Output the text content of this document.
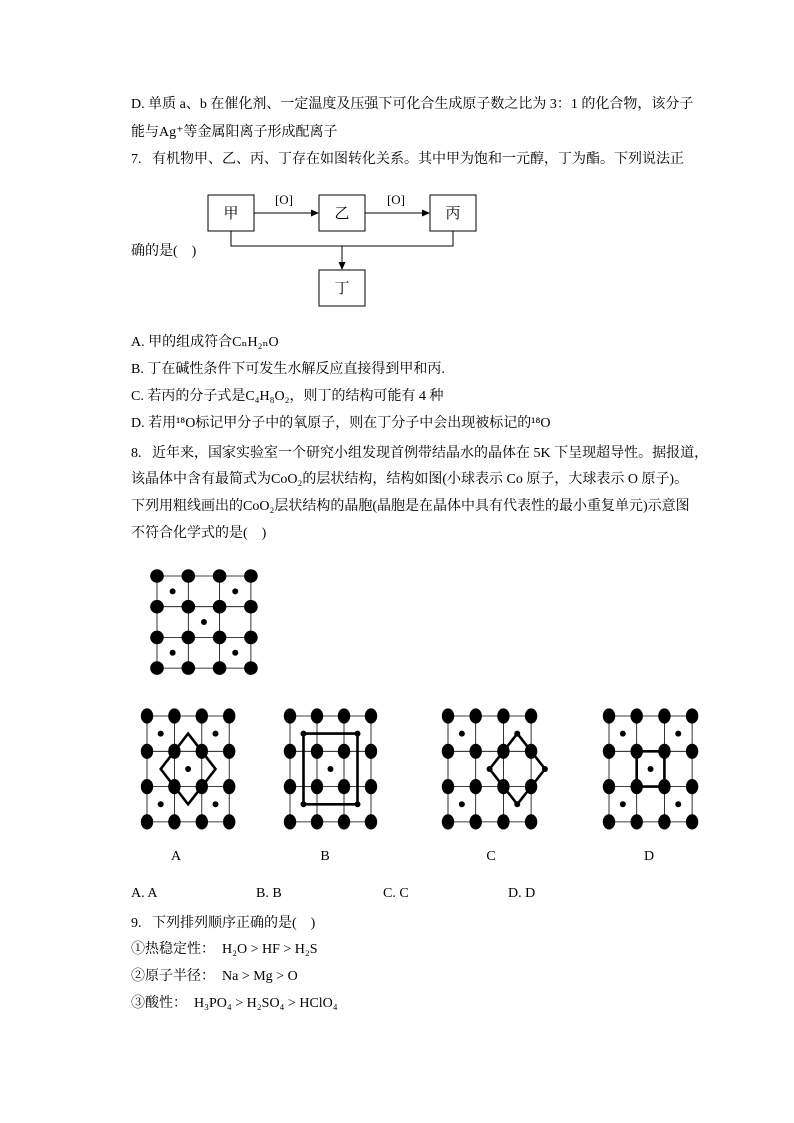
甲
[O]
乙
[O]
丙
丁
A	B	C	D
D. 单质 a、b 在催化剂、一定温度及压强下可化合生成原子数之比为 3：1 的化合物，该分子
能与Ag⁺等金属阳离子形成配离子
7.   有机物甲、乙、丙、丁存在如图转化关系。其中甲为饱和一元醇，丁为酯。下列说法正
确的是(    )
A. 甲的组成符合CₙH₂ₙO
B. 丁在碱性条件下可发生水解反应直接得到甲和丙.
C. 若丙的分子式是C₄H₈O₂，则丁的结构可能有 4 种
D. 若用¹⁸O标记甲分子中的氧原子，则在丁分子中会出现被标记的¹⁸O
8.   近年来，国家实验室一个研究小组发现首例带结晶水的晶体在 5K 下呈现超导性。据报道，
该晶体中含有最简式为CoO₂的层状结构，结构如图(小球表示 Co 原子，大球表示 O 原子)。
下列用粗线画出的CoO₂层状结构的晶胞(晶胞是在晶体中具有代表性的最小重复单元)示意图
不符合化学式的是(    )
A. A	B. B	C. C	D. D
9.   下列排列顺序正确的是(    )
①热稳定性：  H₂O > HF > H₂S
②原子半径：  Na > Mg > O
③酸性：  H₃PO₄ > H₂SO₄ > HClO₄
